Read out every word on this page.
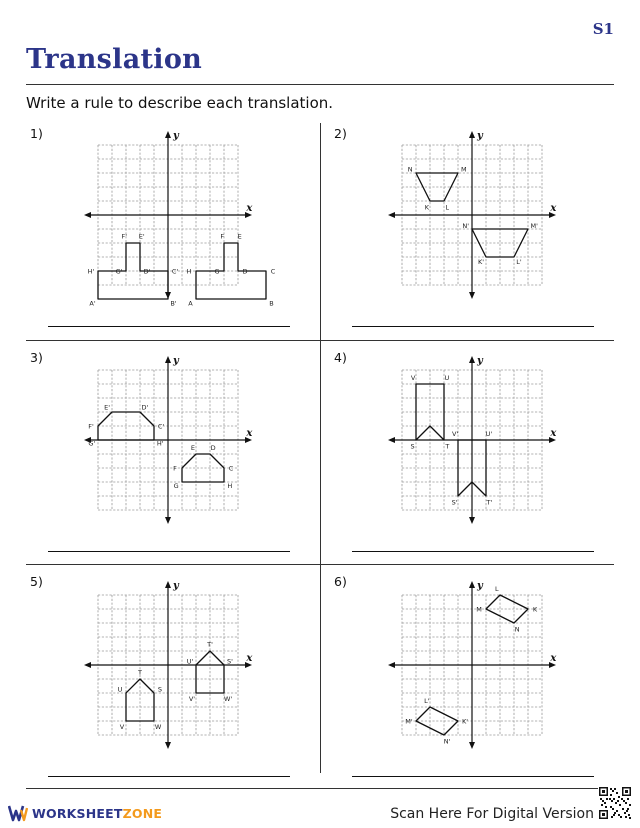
S1
Translation
Write a rule to describe each translation.
1)	2)
3)	4)
5)	6)
x
y
A'
H'	G'
F' E'
D'	C'
B' A
H	G
F E
D	C
B
x
y
N	M
L
K
N'	M'
L'
K'
x
y
G'
F'
E'	D'
C'
H'
G
F
E D
C
H
x
y
V	U
T
S
V'	U'
T'
S'
x
y
V
U
T
S
W
V'
U'
T'
S'
W'
x
y
M
L
K
N
M'
L'
K'
N'
WORKSHEETZONE	Scan Here For Digital Version
